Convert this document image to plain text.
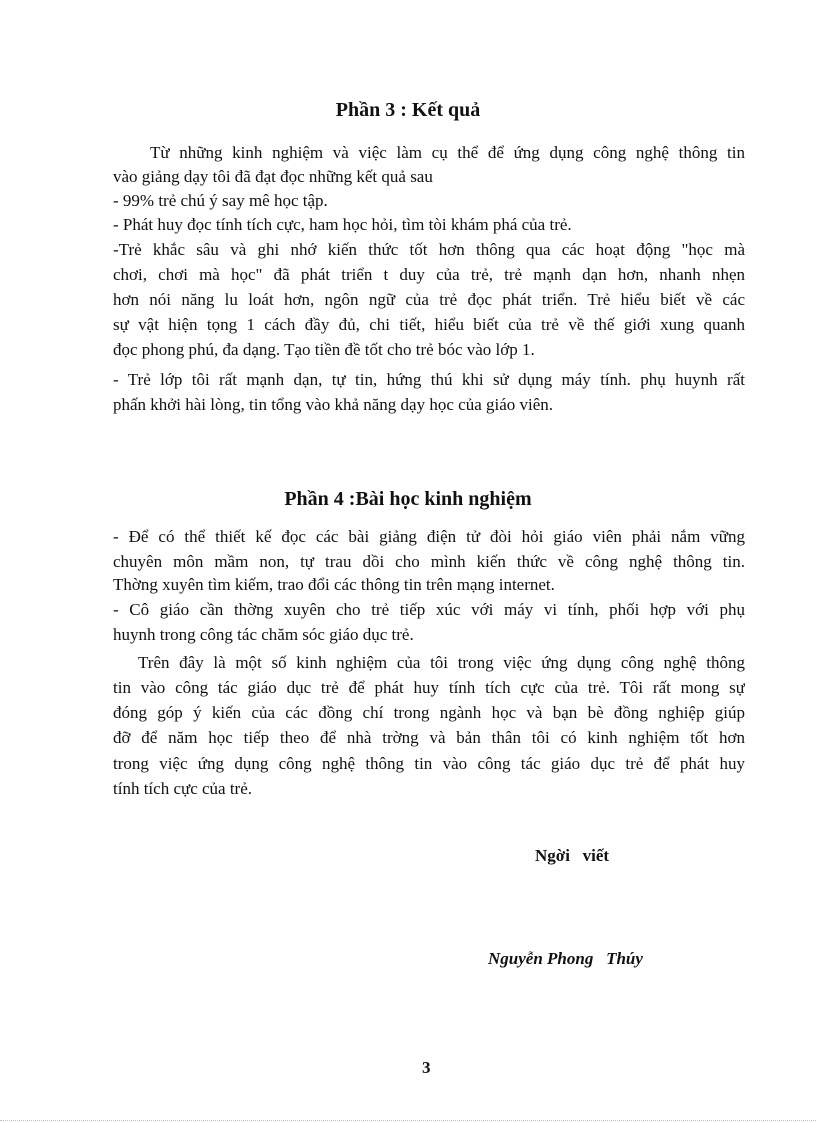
Phần 3 : Kết quả
Từ những kinh nghiệm và việc làm cụ thể để ứng dụng công nghệ thông tin
vào giảng dạy tôi đã đạt đọc những kết quả sau
- 99% trẻ chú ý say mê học tập.
- Phát huy đọc tính tích cực, ham học hỏi, tìm tòi khám phá của trẻ.
-Trẻ khắc sâu và ghi nhớ kiến thức tốt hơn thông qua các hoạt động "học mà
chơi, chơi mà học" đã phát triển t duy của trẻ, trẻ mạnh dạn hơn, nhanh nhẹn
hơn nói năng lu loát hơn, ngôn ngữ của trẻ đọc phát triển. Trẻ hiểu biết về các
sự vật hiện tọng 1 cách đầy đủ, chi tiết, hiểu biết của trẻ về thế giới xung quanh
đọc phong phú, đa dạng. Tạo tiền đề tốt cho trẻ bóc vào lớp 1.
- Trẻ lớp tôi rất mạnh dạn, tự tin, hứng thú khi sử dụng máy tính. phụ huynh rất
phấn khởi hài lòng, tin tổng vào khả năng dạy học của giáo viên.
Phần 4 :Bài học kinh nghiệm
- Để có thể thiết kế đọc các bài giảng điện tử đòi hỏi giáo viên phải nắm vững
chuyên môn mầm non, tự trau dồi cho mình kiến thức về công nghệ thông tin.
Thờng xuyên tìm kiếm, trao đổi các thông tin trên mạng internet.
- Cô giáo cần thờng xuyên cho trẻ tiếp xúc với máy vi tính, phối hợp với phụ
huynh trong công tác chăm sóc giáo dục trẻ.
Trên đây là một số kinh nghiệm của tôi trong việc ứng dụng công nghệ thông
tin vào công tác giáo dục trẻ để phát huy tính tích cực của trẻ. Tôi rất mong sự
đóng góp ý kiến của các đồng chí trong ngành học và bạn bè đồng nghiệp giúp
đỡ để năm học tiếp theo để nhà trờng và bản thân tôi có kinh nghiệm tốt hơn
trong việc ứng dụng công nghệ thông tin vào công tác giáo dục trẻ để phát huy
tính tích cực của trẻ.
Ngời   viết
Nguyễn Phong   Thúy
3
